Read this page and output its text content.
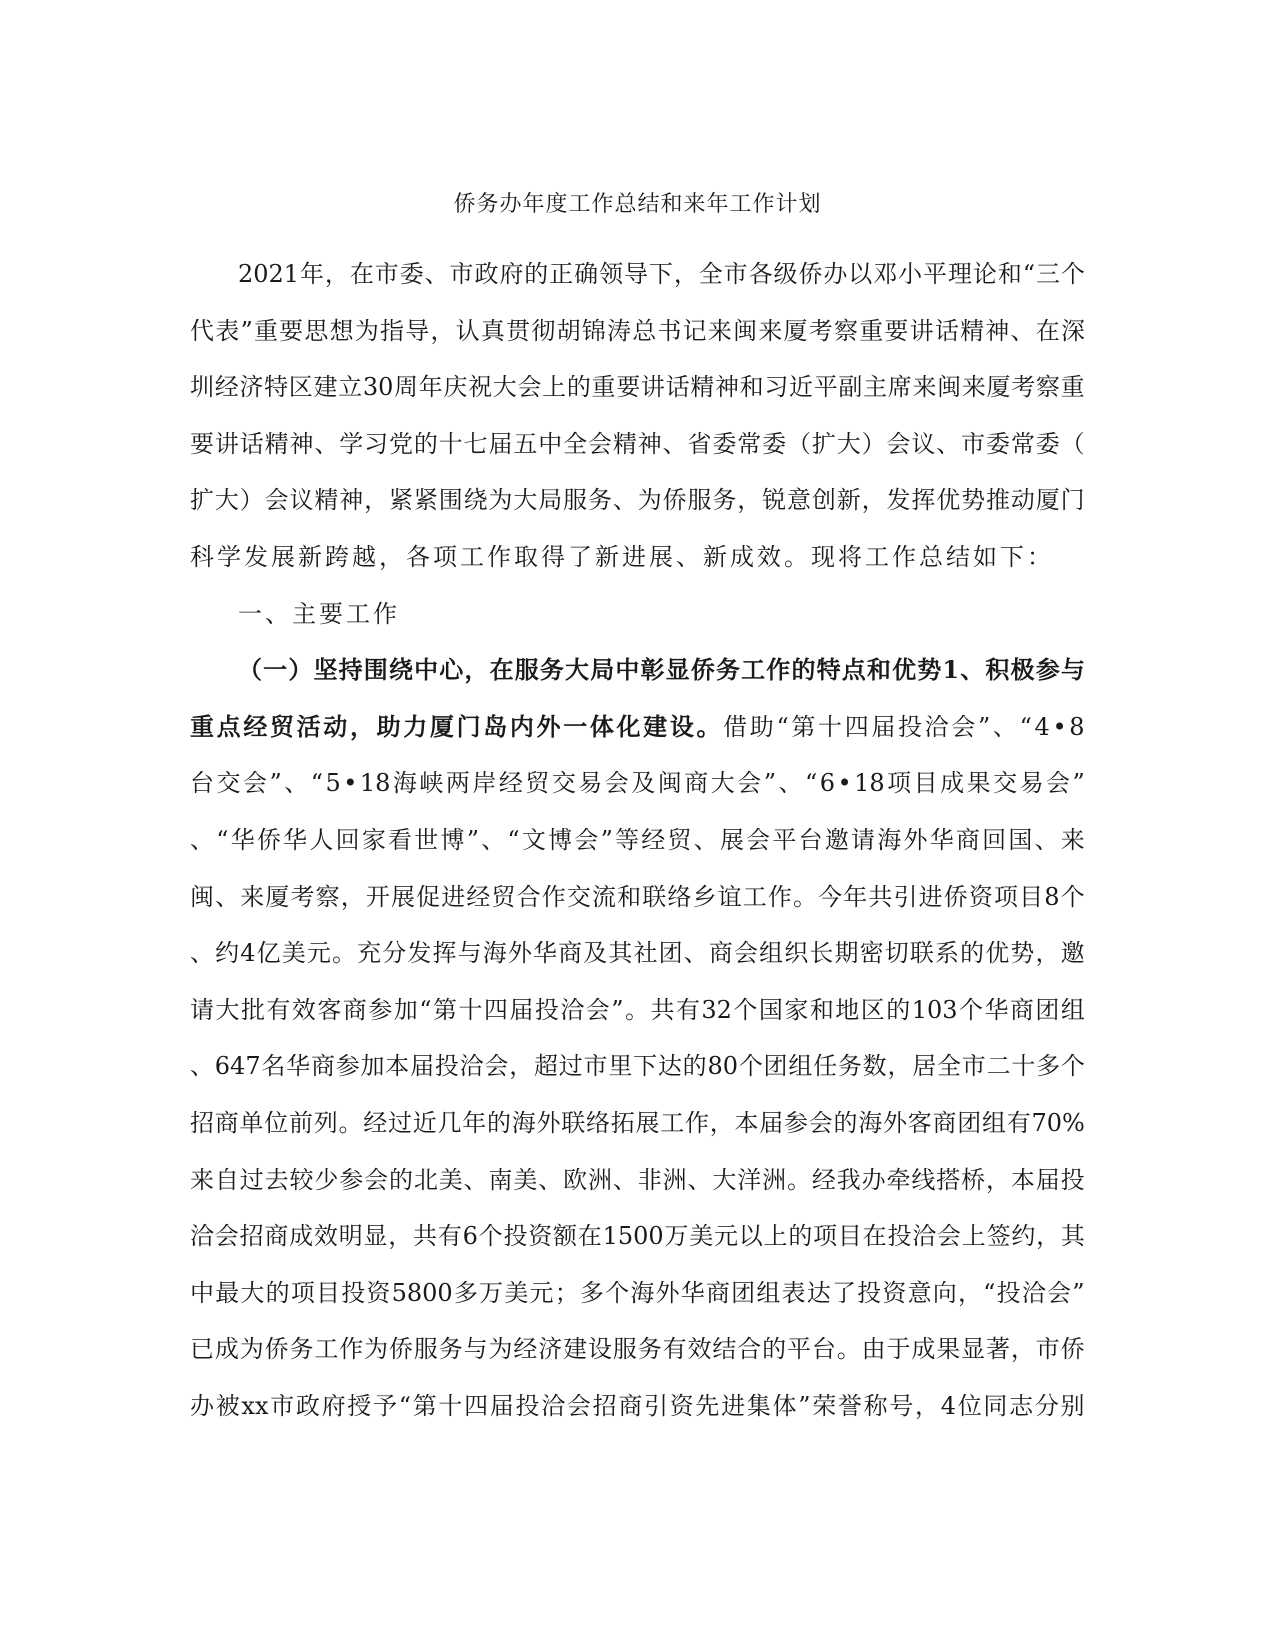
侨务办年度工作总结和来年工作计划

2021 年 ， 在 市 委 、 市 政 府 的 正 确 领 导 下 ， 全 市 各 级 侨 办 以 邓 小 平 理 论 和 “ 三 个

代 表 ” 重 要 思 想 为 指 导 ， 认 真 贯 彻 胡 锦 涛 总 书 记 来 闽 来 厦 考 察 重 要 讲 话 精 神 、 在 深

圳 经 济 特 区 建 立 30 周 年 庆 祝 大 会 上 的 重 要 讲 话 精 神 和 习 近 平 副 主 席 来 闽 来 厦 考 察 重

要 讲 话 精 神 、 学 习 党 的 十 七 届 五 中 全 会 精 神 、 省 委 常 委 （ 扩 大 ） 会 议 、 市 委 常 委 （

扩 大 ） 会 议 精 神 ， 紧 紧 围 绕 为 大 局 服 务 、 为 侨 服 务 ， 锐 意 创 新 ， 发 挥 优 势 推 动 厦 门

科 学 发 展 新 跨 越 ， 各 项 工 作 取 得 了 新 进 展 、 新 成 效 。 现 将 工 作 总 结 如 下 ：

一 、 主 要 工 作

（ 一 ） 坚 持 围 绕 中 心 ， 在 服 务 大 局 中 彰 显 侨 务 工 作 的 特 点 和 优 势 1 、 积 极 参 与

重 点 经 贸 活 动 ， 助 力 厦 门 岛 内 外 一 体 化 建 设 。 借 助 “ 第 十 四 届 投 洽 会 ” 、 “ 4 • 8

台 交 会 ” 、 “ 5 • 18 海 峡 两 岸 经 贸 交 易 会 及 闽 商 大 会 ” 、 “ 6 • 18 项 目 成 果 交 易 会 ”

、 “ 华 侨 华 人 回 家 看 世 博 ” 、 “ 文 博 会 ” 等 经 贸 、 展 会 平 台 邀 请 海 外 华 商 回 国 、 来

闽 、 来 厦 考 察 ， 开 展 促 进 经 贸 合 作 交 流 和 联 络 乡 谊 工 作 。 今 年 共 引 进 侨 资 项 目 8 个

、 约 4 亿 美 元 。 充 分 发 挥 与 海 外 华 商 及 其 社 团 、 商 会 组 织 长 期 密 切 联 系 的 优 势 ， 邀

请 大 批 有 效 客 商 参 加 “ 第 十 四 届 投 洽 会 ” 。 共 有 32 个 国 家 和 地 区 的 103 个 华 商 团 组

、 647 名 华 商 参 加 本 届 投 洽 会 ， 超 过 市 里 下 达 的 80 个 团 组 任 务 数 ， 居 全 市 二 十 多 个

招 商 单 位 前 列 。 经 过 近 几 年 的 海 外 联 络 拓 展 工 作 ， 本 届 参 会 的 海 外 客 商 团 组 有 70%

来 自 过 去 较 少 参 会 的 北 美 、 南 美 、 欧 洲 、 非 洲 、 大 洋 洲 。 经 我 办 牵 线 搭 桥 ， 本 届 投

洽 会 招 商 成 效 明 显 ， 共 有 6 个 投 资 额 在 1500 万 美 元 以 上 的 项 目 在 投 洽 会 上 签 约 ， 其

中 最 大 的 项 目 投 资 5800 多 万 美 元 ； 多 个 海 外 华 商 团 组 表 达 了 投 资 意 向 ， “ 投 洽 会 ”

已 成 为 侨 务 工 作 为 侨 服 务 与 为 经 济 建 设 服 务 有 效 结 合 的 平 台 。 由 于 成 果 显 著 ， 市 侨

办 被 xx 市 政 府 授 予 “ 第 十 四 届 投 洽 会 招 商 引 资 先 进 集 体 ” 荣 誉 称 号 ， 4 位 同 志 分 别
